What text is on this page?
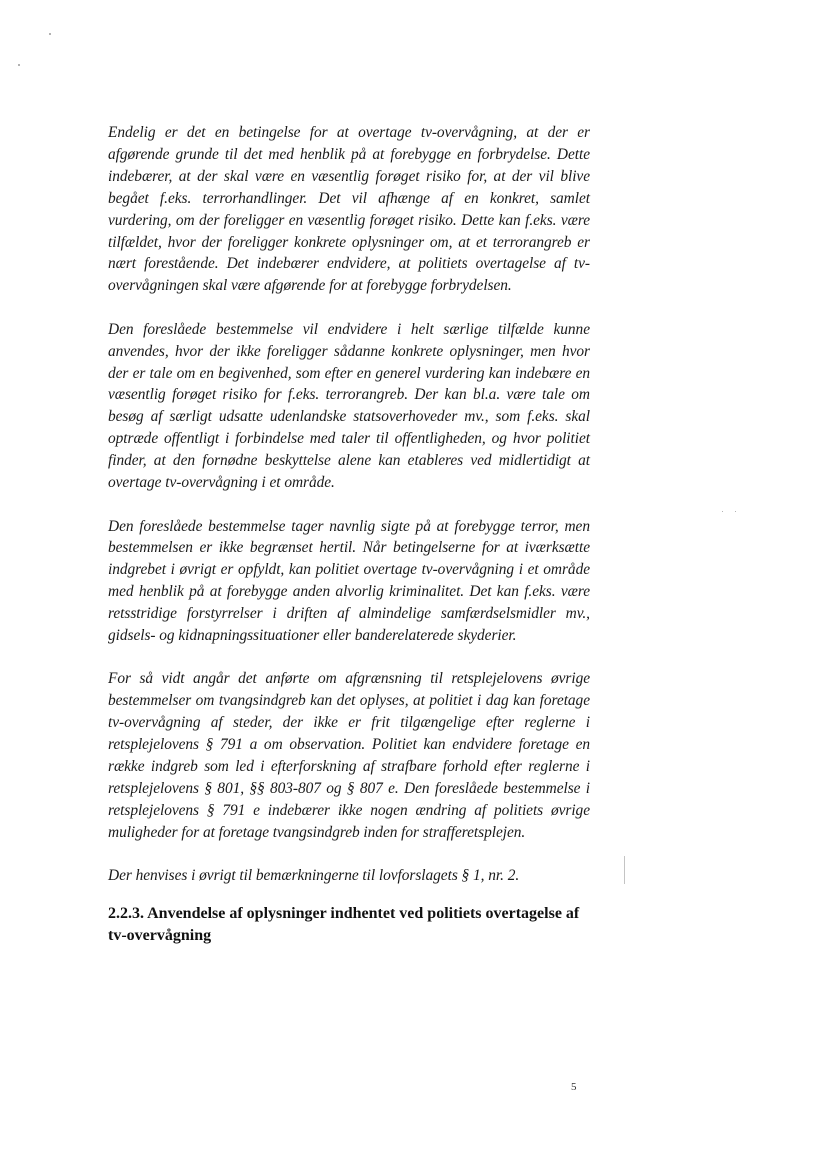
Endelig er det en betingelse for at overtage tv-overvågning, at der er afgørende grunde til det med henblik på at forebygge en forbrydelse. Dette indebærer, at der skal være en væsentlig forøget risiko for, at der vil blive begået f.eks. terrorhandlinger. Det vil afhænge af en konkret, samlet vurdering, om der foreligger en væsentlig forøget risiko. Dette kan f.eks. være tilfældet, hvor der foreligger konkrete oplysninger om, at et terrorangreb er nært forestående. Det indebærer endvidere, at politiets overtagelse af tv-overvågningen skal være afgørende for at forebygge forbrydelsen.

Den foreslåede bestemmelse vil endvidere i helt særlige tilfælde kunne anvendes, hvor der ikke foreligger sådanne konkrete oplysninger, men hvor der er tale om en begivenhed, som efter en generel vurdering kan indebære en væsentlig forøget risiko for f.eks. terrorangreb. Der kan bl.a. være tale om besøg af særligt udsatte udenlandske statsoverhoveder mv., som f.eks. skal optræde offentligt i forbindelse med taler til offentligheden, og hvor politiet finder, at den fornødne beskyttelse alene kan etableres ved midlertidigt at overtage tv-overvågning i et område.

Den foreslåede bestemmelse tager navnlig sigte på at forebygge terror, men bestemmelsen er ikke begrænset hertil. Når betingelserne for at iværksætte indgrebet i øvrigt er opfyldt, kan politiet overtage tv-overvågning i et område med henblik på at forebygge anden alvorlig kriminalitet. Det kan f.eks. være retsstridige forstyrrelser i driften af almindelige samfærdselsmidler mv., gidsels- og kidnapningssituationer eller banderelaterede skyderier.

For så vidt angår det anførte om afgrænsning til retsplejelovens øvrige bestemmelser om tvangsindgreb kan det oplyses, at politiet i dag kan foretage tv-overvågning af steder, der ikke er frit tilgængelige efter reglerne i retsplejelovens § 791 a om observation. Politiet kan endvidere foretage en række indgreb som led i efterforskning af strafbare forhold efter reglerne i retsplejelovens § 801, §§ 803-807 og § 807 e. Den foreslåede bestemmelse i retsplejelovens § 791 e indebærer ikke nogen ændring af politiets øvrige muligheder for at foretage tvangsindgreb inden for strafferetsplejen.

Der henvises i øvrigt til bemærkningerne til lovforslagets § 1, nr. 2.

2.2.3. Anvendelse af oplysninger indhentet ved politiets overtagelse af tv-overvågning
5
